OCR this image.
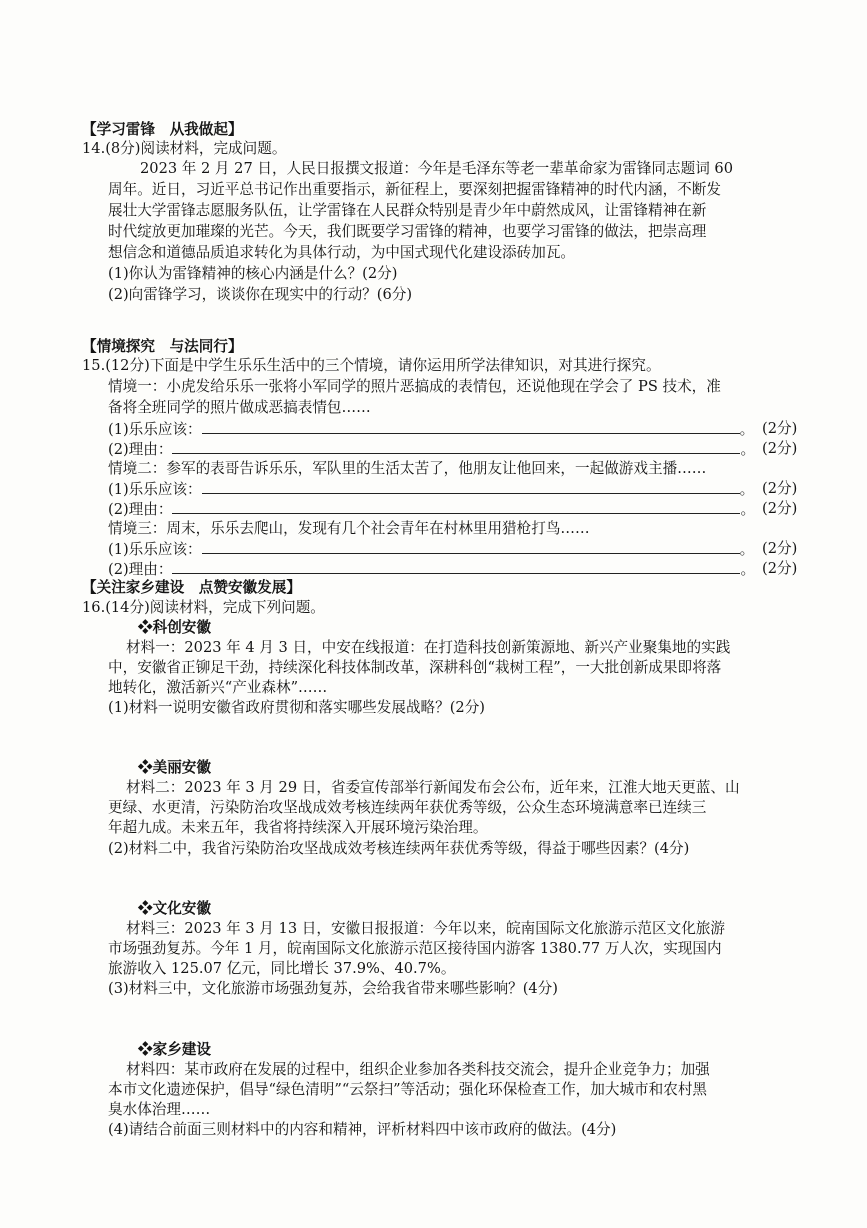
【学习雷锋　从我做起】
14.(8分)阅读材料，完成问题。
2023 年 2 月 27 日，人民日报撰文报道：今年是毛泽东等老一辈革命家为雷锋同志题词 60
周年。近日，习近平总书记作出重要指示，新征程上，要深刻把握雷锋精神的时代内涵，不断发
展壮大学雷锋志愿服务队伍，让学雷锋在人民群众特别是青少年中蔚然成风，让雷锋精神在新
时代绽放更加璀璨的光芒。今天，我们既要学习雷锋的精神，也要学习雷锋的做法，把崇高理
想信念和道德品质追求转化为具体行动，为中国式现代化建设添砖加瓦。
(1)你认为雷锋精神的核心内涵是什么？(2分)
(2)向雷锋学习，谈谈你在现实中的行动？(6分)
【情境探究　与法同行】
15.(12分)下面是中学生乐乐生活中的三个情境，请你运用所学法律知识，对其进行探究。
情境一：小虎发给乐乐一张将小军同学的照片恶搞成的表情包，还说他现在学会了 PS 技术，准
备将全班同学的照片做成恶搞表情包……
(1)乐乐应该：	。 (2分)
(2)理由：	。 (2分)
情境二：参军的表哥告诉乐乐，军队里的生活太苦了，他朋友让他回来，一起做游戏主播……
(1)乐乐应该：	。 (2分)
(2)理由：	。 (2分)
情境三：周末，乐乐去爬山，发现有几个社会青年在村林里用猎枪打鸟……
(1)乐乐应该：	。 (2分)
(2)理由：	。 (2分)
【关注家乡建设　点赞安徽发展】
16.(14分)阅读材料，完成下列问题。
❖科创安徽
材料一：2023 年 4 月 3 日，中安在线报道：在打造科技创新策源地、新兴产业聚集地的实践
中，安徽省正铆足干劲，持续深化科技体制改革，深耕科创“栽树工程”，一大批创新成果即将落
地转化，激活新兴“产业森林”……
(1)材料一说明安徽省政府贯彻和落实哪些发展战略？(2分)
❖美丽安徽
材料二：2023 年 3 月 29 日，省委宣传部举行新闻发布会公布，近年来，江淮大地天更蓝、山
更绿、水更清，污染防治攻坚战成效考核连续两年获优秀等级，公众生态环境满意率已连续三
年超九成。未来五年，我省将持续深入开展环境污染治理。
(2)材料二中，我省污染防治攻坚战成效考核连续两年获优秀等级，得益于哪些因素？(4分)
❖文化安徽
材料三：2023 年 3 月 13 日，安徽日报报道：今年以来，皖南国际文化旅游示范区文化旅游
市场强劲复苏。今年 1 月，皖南国际文化旅游示范区接待国内游客 1380.77 万人次，实现国内
旅游收入 125.07 亿元，同比增长 37.9%、40.7%。
(3)材料三中，文化旅游市场强劲复苏，会给我省带来哪些影响？(4分)
❖家乡建设
材料四：某市政府在发展的过程中，组织企业参加各类科技交流会，提升企业竞争力；加强
本市文化遗迹保护，倡导“绿色清明”“云祭扫”等活动；强化环保检查工作，加大城市和农村黑
臭水体治理……
(4)请结合前面三则材料中的内容和精神，评析材料四中该市政府的做法。(4分)
